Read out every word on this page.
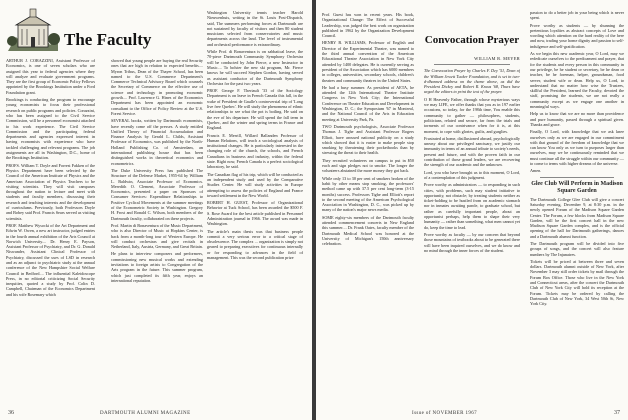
The Faculty

ARTHUR J. CORAZZINI, Assistant Professor of Economics, is one of seven scholars who are assigned this year to federal agencies where they will analyze and evaluate government programs. They are the first group of Economic Policy Fellows appointed by the Brookings Institution under a Ford Foundation grant.

Brookings is conducting the program to encourage young economists to focus their professional research on public programs and policies. Corazzini, who has been assigned to the Civil Service Commission, will be a personnel economist attached to his work experience. The Civil Service Commission and the participating federal departments and agencies expressed interest in having economists with experience who have tackled challenging and relevant programs. The job assignments are all in Washington, D.C., home of the Brookings Institution.

PROFS. William T. Doyle and Forrest Fakken of the Physics Department have been selected by the Council of the American Institute of Physics and the American Association of Physics Teachers to be visiting scientists. They will visit campuses throughout the nation to lecture and meet with students and faculty members, discussing their research and teaching interests and the development of curriculums. Previously, both Professors Doyle and Bobey said Prof. Francis Sears served as visiting scientists.

PROF. Matthew Wysocki of the Art Department and Edwin W. Owen, a new art instructor, judged entries in the fourth annual exhibition of the Arts Council at Norwich University.... Dr. Henry E. Payson, Assistant Professor of Psychiatry, and Dr. G. Donald Niswander, Assistant Clinical Professor of Psychiatry, discussed the uses of LSD in research and as an adjunct to psychiatric study at the annual conference of the New Hampshire Social Welfare Council in Bedford.... The influential Kaleidoscope Press, in no editorial criticizing Social Security inequities, quoted a study by Prof. Colin D. Campbell, Chairman of the Economics Department and his wife Rosemary which

showed that young people are buying the real Security ones that are high in relation to expected benefits.... Myron Tribus, Dean of the Thayer School, has been named to the U.S. Commerce Department's Commerce Technical Advisory Board which counsels the Secretary of Commerce on the effective use of science and technology in promoting economic growth.... Prof. Lawrence G. Hines of the Economics Department has been appointed an economic consultant to the Office of Policy Review at the U.S. Forest Service.

SEVERAL books, written by Dartmouth economists, have recently come off the presses. A study entitled Unified Theory of Financial Accumulation and Finance Analysis by Gerald L. Childs, Assistant Professor of Economics, was published by the North-Holland Publishing Co. of Amsterdam, an international publishing house that has been distinguished works in theoretical economics and econometrics.

The Duke University Press has published The Structure of the Defense Market, 1955-64 by William L. Baldwin, Associate Professor of Economics. Meredith O. Clement, Associate Professor of Economics, presented a paper on Sponsors of Consumer Services: Expenditure Relationships to Positive Cyclical Movements at the summer meetings of the Econometric Society in Washington. Gregory H. Frost and Ronald C. Wilson, both members of the Dartmouth faculty, collaborated on these projects.

Prof. Martin di Bonaventura of the Music Department, who is also Director of Music at Hopkins Center, is back from a month-long tour of Western Europe. He will conduct orchestras and give recitals in Netherland, Italy, Austria, Germany, and Great Britain.

He plans to interview composers and performers, commissioning new musical works and extending invitations to foreign artists to Congregation of the Arts program in the future. This summer program, which just completed its fifth year, enjoys an international reputation.

Washington University tennis teacher Harold Nieuwenhuis, writing in the St. Louis Post-Dispatch, said, The summers performing forces at Dartmouth are not sustained by faculty of visitors and then 80 student musicians selected from conservatories and music departments across the land. The level of instrumental and orchestral performance is extraordinary.

While Prof. di Bonaventura is on sabbatical leave, the 70-piece Dartmouth Community Symphony Orchestra will be conducted by John Fierce, a new Instructor in Music.... To bolster the new ski program, Mr. Fierce knows he will succeed Stephen Gordon, having served as assistant conductor of the Dartmouth Symphony Orchestra for the past two years.

PROF. George F. Theriault '33 of the Sociology Department is on leave in French Canada this fall, in the wake of President de Gaulle's controversial trip of 'Long live free Quebec'. He will study the phenomena of ethnic relationships to see what the pot is boiling. He said on the eve of his departure. He will spend the fall term in Quebec, and the winter and spring terms in France and England.

Francis E. Merrill, Willard Ballanden Professor of Human Relations, will teach a sociological analysis of institutional changes. He is particularly interested in the changing role of the church, the schools, and French Canadians in business and industry, within the federal state. Right now, French Canada is a perfect sociological laboratory, he said.

The Canadian flag of his trip, which will be conducted as an independent study and used by the Comparative Studies Center. He will study activities in Europe attempting to assess the policies of England and France toward settlement in the New World.

ROBERT H. GUEST, Professor of Organizational Behavior at Tuck School, has been awarded the $500 F. S. Rose Award for the best article published in Personnel Administration journal in 1966. The award was made in Washington.

The article's main thesis was that business people commit a very serious error to a critical stage of obsolescence. The complex ... organization is simply not geared to preparing executives for continuous internally or for responding to advances in the field of management. This was the second publication prize

36	DARTMOUTH ALUMNI MAGAZINE

Prof. Guest has won in recent years. His book, Organizational Change: The Effect of Successful Leadership, was judged the best work on organization published in 1962 by the Organization Development Council.

HENRY B. WILLIAMS, Professor of English and Director of the Experimental Theatre, was named to the third annual convention of the American Educational Theatre Association in New York City attended by 1400 delegates. He is currently serving as president of the Association which has 6000 members in colleges, universities, secondary schools, children's theatres and community theatres in the United States.

He had a busy summer. As president of AETA, he attended the 12th International Theatre Institute Congress in New York City; the International Conference on Theatre Education and Development in Washington, D. C.; the Symposium '67 in Montreal, and the National Council of the Arts in Education meeting at University Park, Pa.

TWO Dartmouth psychologists, Associate Professor Thomas J. Tighe and Assistant Professor Rogers Elliott, have aroused national publicity on a study which showed that it is easier to make people stop smoking by threatening their pocketbooks than by stressing the threat to their health.

They recruited volunteers on campus to put in $50 each and sign pledges not to smoke. The longer the volunteers abstained the more money they got back.

While only 13 to 30 per cent of smokers broken of the habit by other means stop smoking, the professors' method came up with 37.5 per cent long-term (3-15 months) success. Professors Tighe and Elliott's report to the second meeting of the American Psychological Association in Washington, D. C., was picked up by many of the nation's major news media.

SOME eighty-six members of the Dartmouth faculty attended commencement concerts in New England this summer.... Dr. Frank Oates, faculty member of the Dartmouth Medical School was honored at the University of Michigan's 150th anniversary celebration.

Convocation Prayer

WILLIAM R. MEYER

The Convocation Prayer by Charles F. Dey '51, Dean of the William Jewett Tucker Foundation, and is set in two-d-dhanned address on the theme above, as did the President Dickey and Robert R. Kraus '68, Thurs have urged the editors to print the text of the prayer.

O H Heavenly Father, through whose mysterious ways we may LIFE, we offer thanks that you as in 197 earlier occasions, so today, for the 198th time, You enable this community to gather — philosophers, students, politicians, related and secure, far from the trials and torments of our contrivance when for it is, at this moment, to cope with glories, guilts, and gurglies.

Frustrated at home, disillusioned abroad, psychologically uneasy about our privileged sanctuary, we justify our immunity in terms of an annual tribute to society's needs, present and future, and with the proven faith in our contribution of those grand leaders, we are recovering the strength of our academic and the unknown.

Lord, you who have brought us to this moment, O Lord, of a contemplation of this judgment.

Prove worthy as administrators — to responding in such cities, with problems, such may student initiative to opportunity, not obstacle; by treating students neither as ticket-holding to be hustled from on academic stomach nor in inmates awaiting parole, to graduate school, but rather as carefully important people, about an opportunist perhaps, help them to shape their very humanity — rather than something, what men cannot yet do, keep the time to lead.

Prove worthy as faculty — by our concern that beyond those mountains of textbooks about to be generated there will have been inquired ourselves, and we do know and no mind through the inner forces of the student.

passion to do a better job in your being which is never spent.

Prove worthy as students — by shunning the pretentious loyalties as abstract concepts of Love and wording which attention on the hard reality of the here and now, trading your home dignity and passion to self-indulgence and self-gratification.

As we begin this new academic year, O Lord, may we rededicate ourselves to the predicament and prayer, that for the students and every person in this community in our privilege, be he student or secretary, be he dean or teacher, be he foreman, helper, groundsman, food server, student wife or dean. Help us, O Lord, to understand that no matter how wise the Trustees, skillful the President, learned the Faculty, devoted the staff, promising the students, we are not really a community except as we engage one another in meaningful ways.

Help us to know that we are no more than providence and pure humanity, passed through a spiritual given. Thanks and grace.

Finally, O Lord, with knowledge that we ask knee ourselves only as we are engaged in our commitment with that ground of the freedom of knowledge that we can know You only as we turn to purposes larger than ourselves, may we be continuously reminded that we must continue all the struggle within our community — to come to terms with higher dreams of the universe.

Amen.

Glee Club Will Perform in Madison Square Garden

The Dartmouth College Glee Club will give a concert Saturday evening, December 9, at 8:30 p.m. in the newly opened Forum of the Madison Square Garden Center. The Forum, a few blocks from Madison Square Garden, will be the first concert hall in the new Madison Square Garden complex, and is the official opening of the hall for Dartmouth gatherings, dances and a Dartmouth alumni function.

The Dartmouth program will be divided into five groups of songs, and the concert will also feature numbers by The Injunaires.

Tickets will be priced at between three and seven dollars. Dartmouth alumni outside of New York, after November 3 may still order tickets by mail through the Forum Box Office. Those who live in the New York and Connecticut areas, after the concert the Dartmouth Club of New York City will hold its reception at the Forum. Tickets may be ordered by calling the Dartmouth Club of New York, 34 West 50th St, New York City.

Issue of NOVEMBER 1967	37
